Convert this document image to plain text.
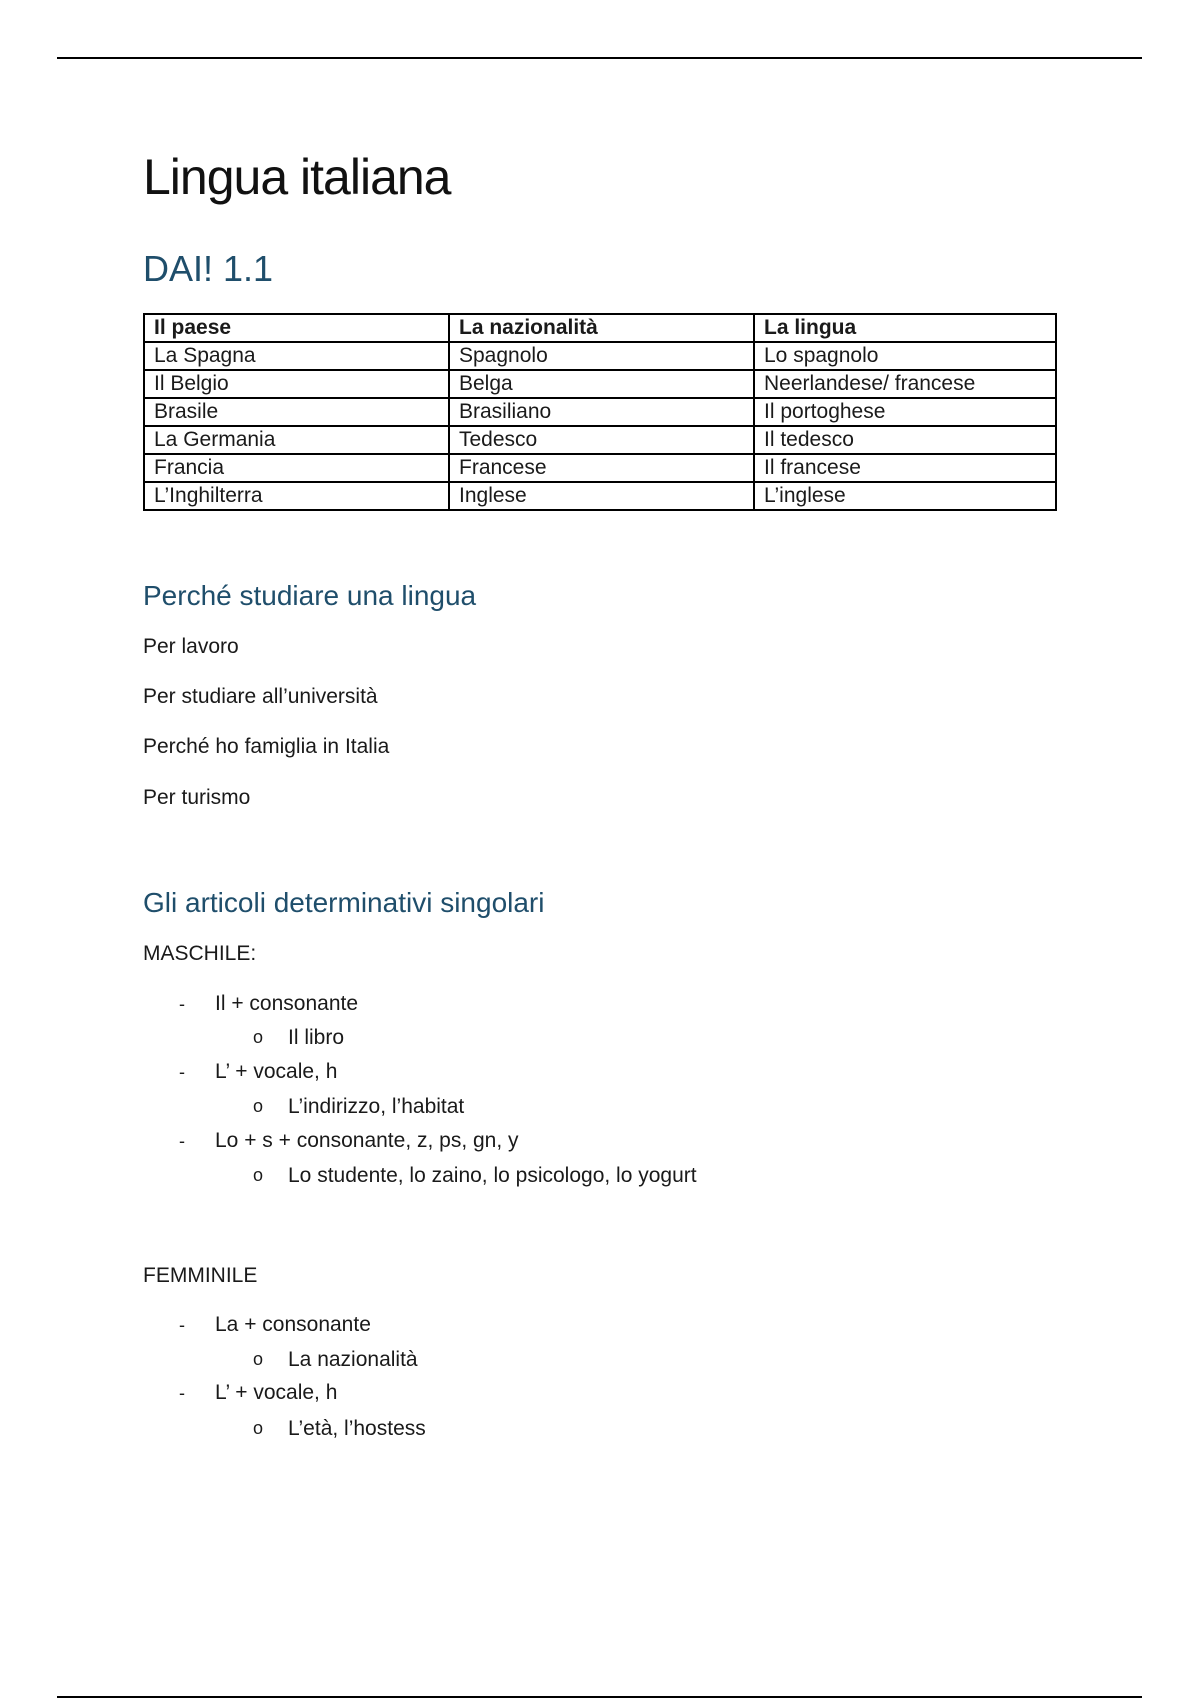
Lingua italiana
DAI! 1.1
Il paese	La nazionalità	La lingua
La Spagna	Spagnolo	Lo spagnolo
Il Belgio	Belga	Neerlandese/ francese
Brasile	Brasiliano	Il portoghese
La Germania	Tedesco	Il tedesco
Francia	Francese	Il francese
L’Inghilterra	Inglese	L’inglese
Perché studiare una lingua

Per lavoro

Per studiare all’università

Perché ho famiglia in Italia

Per turismo

Gli articoli determinativi singolari

MASCHILE:

- Il + consonante

o Il libro

- L’ + vocale, h

o L’indirizzo, l’habitat

- Lo + s + consonante, z, ps, gn, y

o Lo studente, lo zaino, lo psicologo, lo yogurt

FEMMINILE

- La + consonante

o La nazionalità

- L’ + vocale, h

o L’età, l’hostess
